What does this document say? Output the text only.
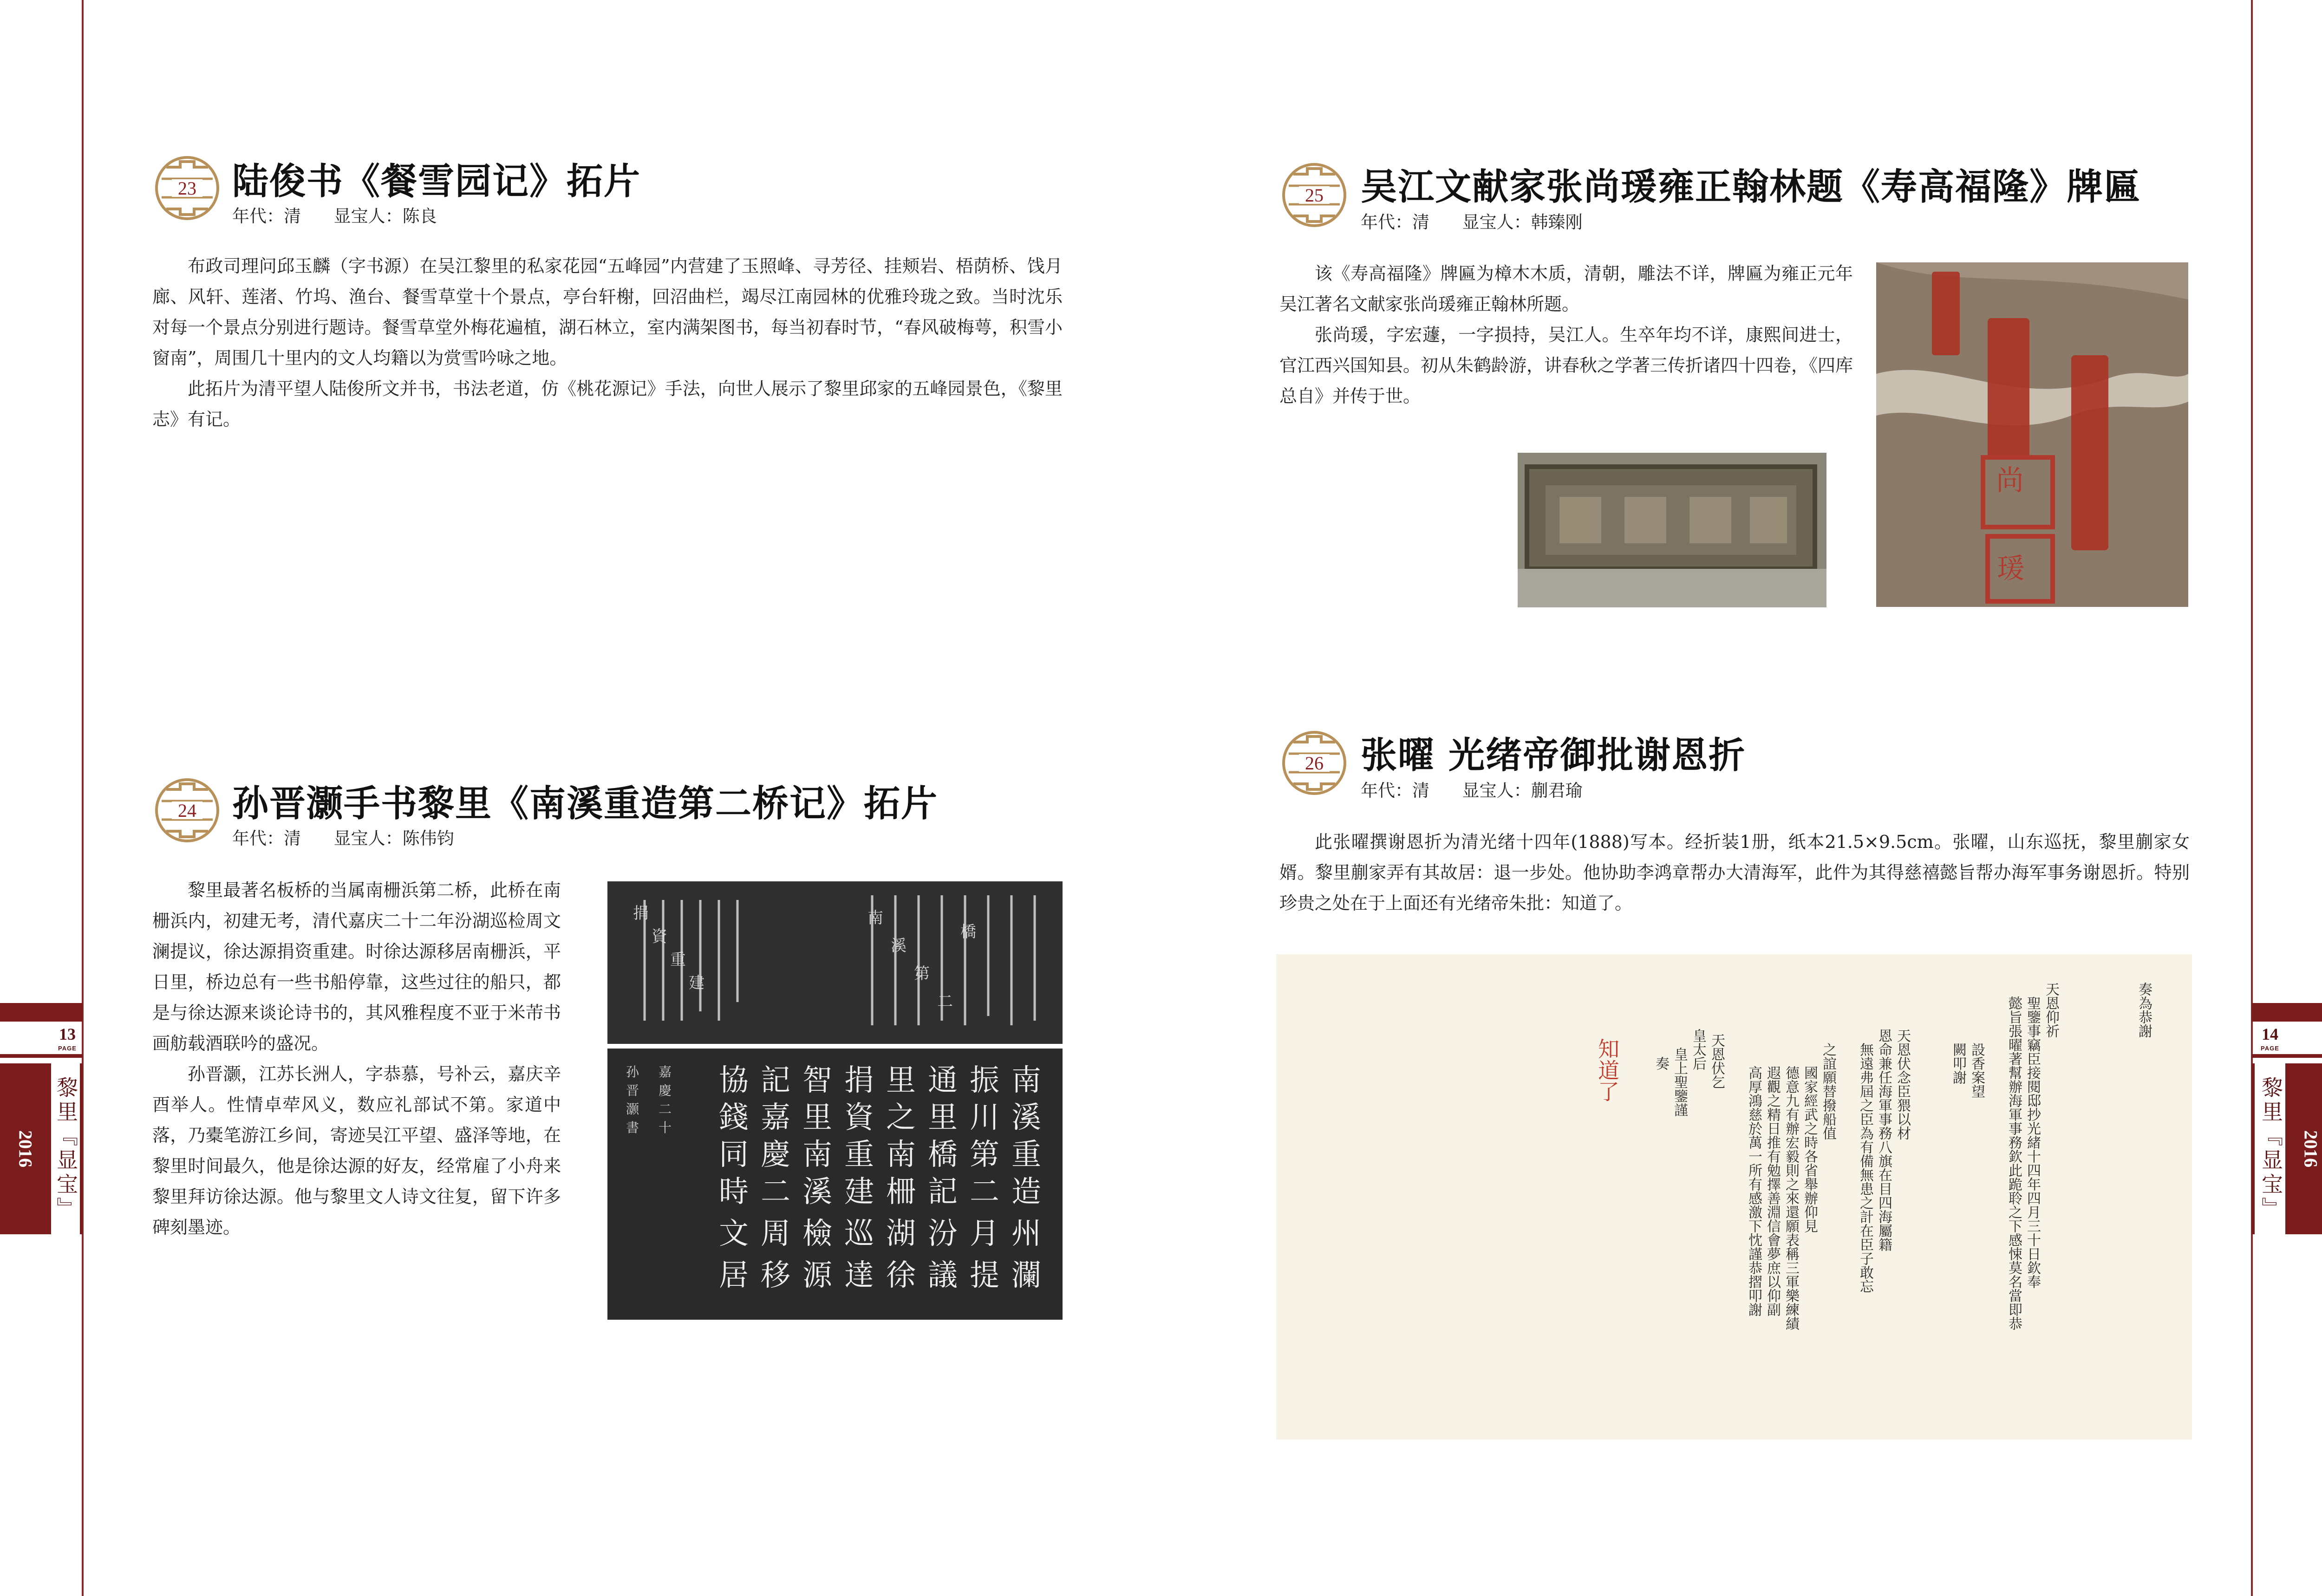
13
PAGE
2016 黎里『显宝』
14
PAGE
黎里『显宝』 2016
23 陆俊书《餐雪园记》拓片
年代：清      显宝人：陈良

布政司理问邱玉麟（字书源）在吴江黎里的私家花园“五峰园”内营建了玉照峰、寻芳径、挂颊岩、梧荫桥、饯月廊、风轩、莲渚、竹坞、渔台、餐雪草堂十个景点，亭台轩榭，回沼曲栏，竭尽江南园林的优雅玲珑之致。当时沈乐对每一个景点分别进行题诗。餐雪草堂外梅花遍植，湖石林立，室内满架图书，每当初春时节，“春风破梅萼，积雪小窗南”，周围几十里内的文人均籍以为赏雪吟咏之地。

此拓片为清平望人陆俊所文并书，书法老道，仿《桃花源记》手法，向世人展示了黎里邱家的五峰园景色，《黎里志》有记。

24 孙晋灏手书黎里《南溪重造第二桥记》拓片
年代：清      显宝人：陈伟钧

黎里最著名板桥的当属南栅浜第二桥，此桥在南栅浜内，初建无考，清代嘉庆二十二年汾湖巡检周文澜提议，徐达源捐资重建。时徐达源移居南栅浜，平日里，桥边总有一些书船停靠，这些过往的船只，都是与徐达源来谈论诗书的，其风雅程度不亚于米芾书画舫载酒联吟的盛况。

孙晋灏，江苏长洲人，字恭慕，号补云，嘉庆辛酉举人。性情卓荦风义，数应礼部试不第。家道中落，乃橐笔游江乡间，寄迹吴江平望、盛泽等地，在黎里时间最久，他是徐达源的好友，经常雇了小舟来黎里拜访徐达源。他与黎里文人诗文往复，留下许多碑刻墨迹。

捐
資
重
建
南
溪
第
二
橋
南
溪
重
造
振
川
第
二
通
里
橋
記
里
之
南
柵
捐
資
重
建
智
里
南
溪
記
嘉
慶
二
協
錢
同
時
州
月
汾
湖
巡
檢
周
文
瀾
提
議
徐
達
源
移
居
孙
晋
灏
書
嘉
慶
二
十
25	吴江文献家张尚瑗雍正翰林题《寿高福隆》牌匾
年代：清      显宝人：韩臻刚

该《寿高福隆》牌匾为樟木木质，清朝，雕法不详，牌匾为雍正元年吴江著名文献家张尚瑗雍正翰林所题。

张尚瑗，字宏蘧，一字损持，吴江人。生卒年均不详，康熙间进士，官江西兴国知县。初从朱鹤龄游，讲春秋之学著三传折诸四十四卷，《四库总自》并传于世。

尚
瑗
26	张曜 光绪帝御批谢恩折
年代：清      显宝人：蒯君瑜

此张曜撰谢恩折为清光绪十四年(1888)写本。经折装1册，纸本21.5×9.5cm。张曜，山东巡抚，黎里蒯家女婿。黎里蒯家弄有其故居：退一步处。他协助李鸿章帮办大清海军，此件为其得慈禧懿旨帮办海军事务谢恩折。特别珍贵之处在于上面还有光绪帝朱批：知道了。

奏為恭謝
天恩仰祈
聖鑒事竊臣接閱邸抄光緒十四年四月三十日欽奉
懿旨張曜著幫辦海軍事務欽此跪聆之下感悚莫名當即恭
設香案望
闕叩謝
天恩伏念臣猥以材
恩命兼任海軍事務八旗在目四海屬籍
無遠弗屆之臣為有備無患之計在臣子敢忘
之誼願替撥船值
國家經武之時各省舉辦仰見
德意九有辦宏毅則之來還願表稱三軍樂練績
遐觀之精日推有勉擇善淵信會夢庶以仰副
高厚鴻慈於萬一所有感激下忱謹恭摺叩謝
天恩伏乞
皇太后
皇上聖鑒謹
奏
知道了
